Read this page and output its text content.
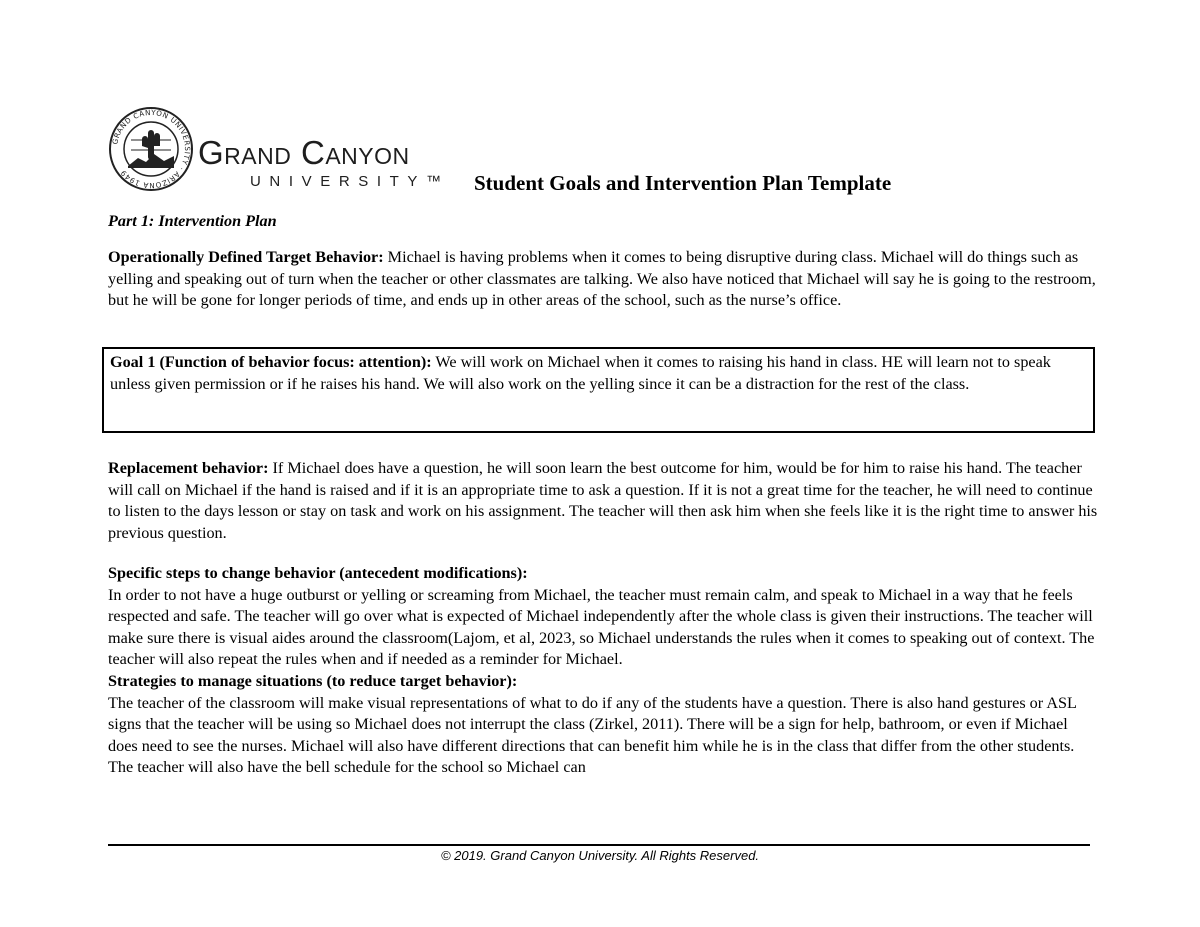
GRAND CANYON UNIVERSITY · ARIZONA 1949
Grand Canyon
UNIVERSITY™ Student Goals and Intervention Plan Template
Part 1: Intervention Plan
Operationally Defined Target Behavior: Michael is having problems when it comes to being disruptive during class. Michael will do things such as yelling and speaking out of turn when the teacher or other classmates are talking. We also have noticed that Michael will say he is going to the restroom, but he will be gone for longer periods of time, and ends up in other areas of the school, such as the nurse’s office.
Goal 1 (Function of behavior focus: attention): We will work on Michael when it comes to raising his hand in class. HE will learn not to speak unless given permission or if he raises his hand. We will also work on the yelling since it can be a distraction for the rest of the class.
Replacement behavior: If Michael does have a question, he will soon learn the best outcome for him, would be for him to raise his hand. The teacher will call on Michael if the hand is raised and if it is an appropriate time to ask a question. If it is not a great time for the teacher, he will need to continue to listen to the days lesson or stay on task and work on his assignment. The teacher will then ask him when she feels like it is the right time to answer his previous question.
Specific steps to change behavior (antecedent modifications):
In order to not have a huge outburst or yelling or screaming from Michael, the teacher must remain calm, and speak to Michael in a way that he feels respected and safe. The teacher will go over what is expected of Michael independently after the whole class is given their instructions. The teacher will make sure there is visual aides around the classroom(Lajom, et al, 2023, so Michael understands the rules when it comes to speaking out of context. The teacher will also repeat the rules when and if needed as a reminder for Michael.
Strategies to manage situations (to reduce target behavior):
The teacher of the classroom will make visual representations of what to do if any of the students have a question. There is also hand gestures or ASL signs that the teacher will be using so Michael does not interrupt the class (Zirkel, 2011). There will be a sign for help, bathroom, or even if Michael does need to see the nurses. Michael will also have different directions that can benefit him while he is in the class that differ from the other students. The teacher will also have the bell schedule for the school so Michael can
© 2019. Grand Canyon University. All Rights Reserved.
